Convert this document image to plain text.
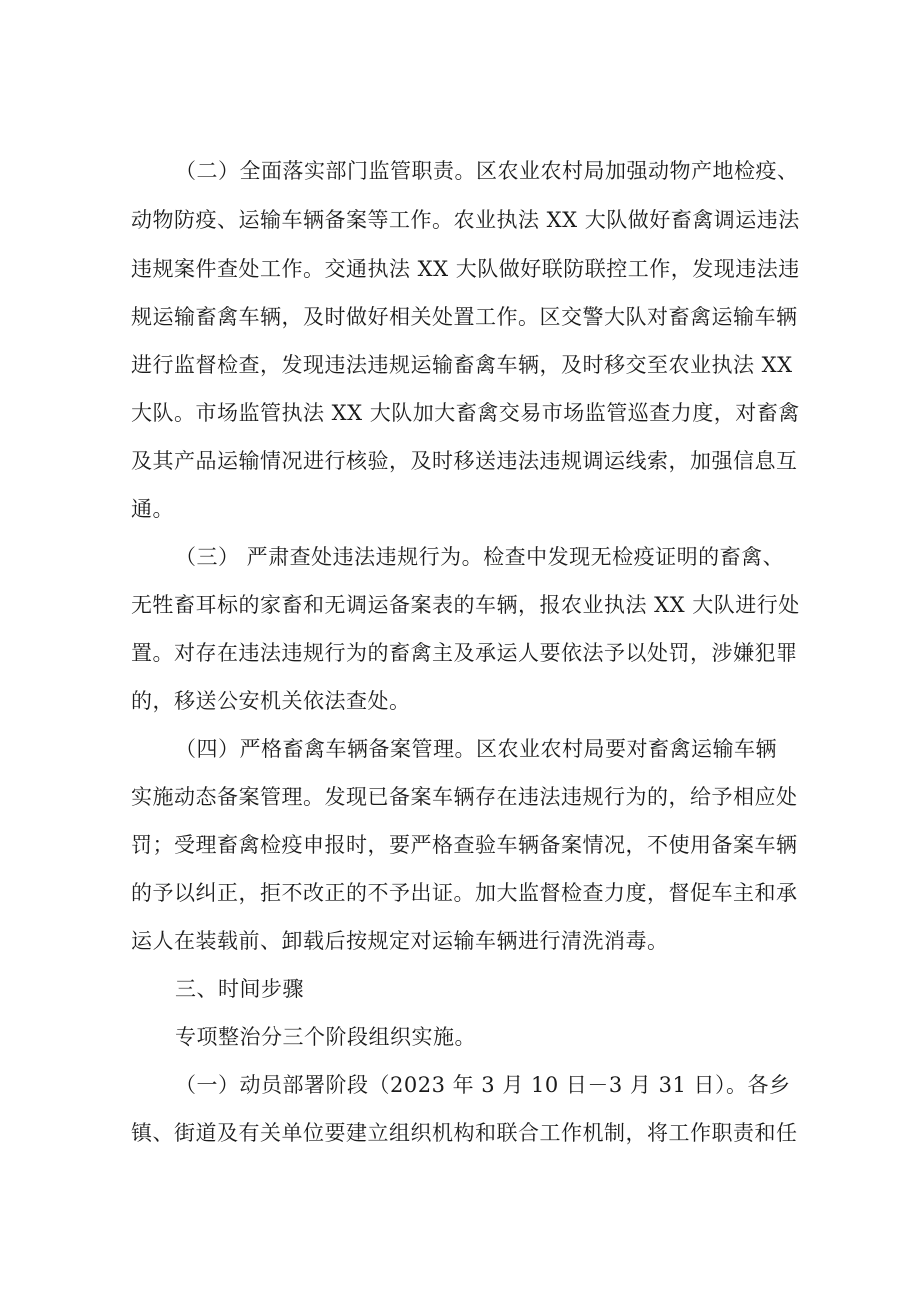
（二）全面落实部门监管职责。区农业农村局加强动物产地检疫、
动物防疫、运输车辆备案等工作。农业执法 XX 大队做好畜禽调运违法
违规案件查处工作。交通执法 XX 大队做好联防联控工作，发现违法违
规运输畜禽车辆，及时做好相关处置工作。区交警大队对畜禽运输车辆
进行监督检查，发现违法违规运输畜禽车辆，及时移交至农业执法 XX
大队。市场监管执法 XX 大队加大畜禽交易市场监管巡查力度，对畜禽
及其产品运输情况进行核验，及时移送违法违规调运线索，加强信息互
通。
（三） 严肃查处违法违规行为。检查中发现无检疫证明的畜禽、
无牲畜耳标的家畜和无调运备案表的车辆，报农业执法 XX 大队进行处
置。对存在违法违规行为的畜禽主及承运人要依法予以处罚，涉嫌犯罪
的，移送公安机关依法查处。
（四）严格畜禽车辆备案管理。区农业农村局要对畜禽运输车辆
实施动态备案管理。发现已备案车辆存在违法违规行为的，给予相应处
罚；受理畜禽检疫申报时，要严格查验车辆备案情况，不使用备案车辆
的予以纠正，拒不改正的不予出证。加大监督检查力度，督促车主和承
运人在装载前、卸载后按规定对运输车辆进行清洗消毒。
三、时间步骤
专项整治分三个阶段组织实施。
（一）动员部署阶段（2023 年 3 月 10 日－3 月 31 日）。各乡
镇、街道及有关单位要建立组织机构和联合工作机制，将工作职责和任
